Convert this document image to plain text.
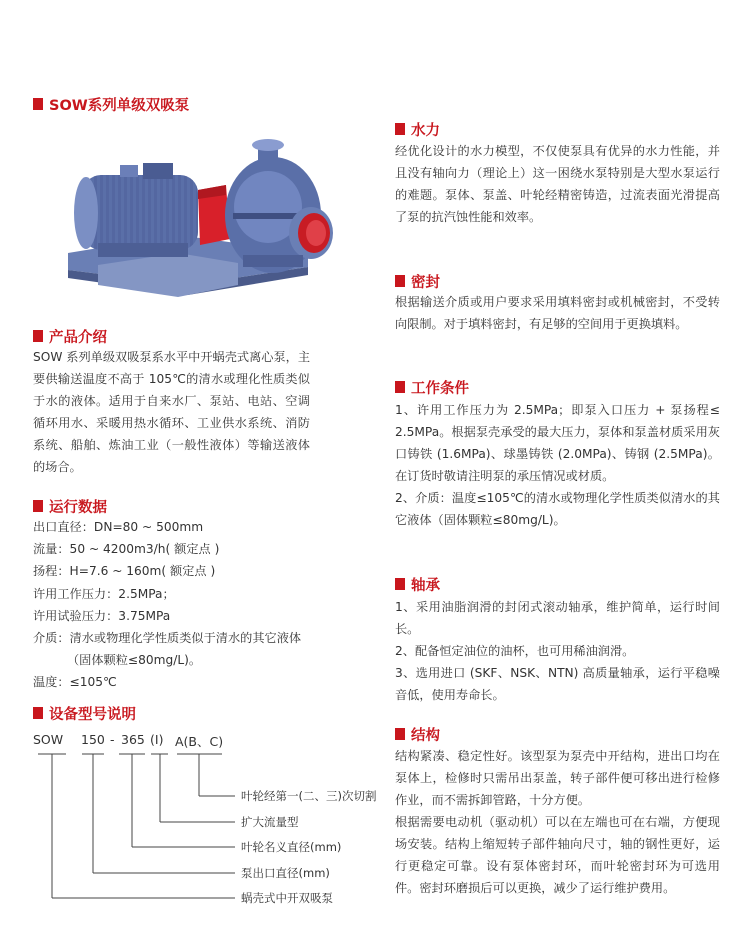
SOW系列单级双吸泵
产品介绍
SOW 系列单级双吸泵系水平中开蜗壳式离心泵，主要供输送温度不高于 105℃的清水或理化性质类似于水的液体。适用于自来水厂、泵站、电站、空调循环用水、采暖用热水循环、工业供水系统、消防系统、船舶、炼油工业（一般性液体）等输送液体的场合。
运行数据
出口直径：DN=80 ~ 500mm
流量：50 ~ 4200m3/h( 额定点 )
扬程：H=7.6 ~ 160m( 额定点 )
许用工作压力：2.5MPa；
许用试验压力：3.75MPa
介质：清水或物理化学性质类似于清水的其它液体
（固体颗粒≤80mg/L)。
温度：≤105℃
设备型号说明
SOW 150 - 365 (I) A(B、C)
叶轮经第一(二、三)次切割
扩大流量型
叶轮名义直径(mm)
泵出口直径(mm)
蜗壳式中开双吸泵
水力
经优化设计的水力模型，不仅使泵具有优异的水力性能，并且没有轴向力（理论上）这一困绕水泵特别是大型水泵运行的难题。泵体、泵盖、叶轮经精密铸造，过流表面光滑提高了泵的抗汽蚀性能和效率。
密封
根据输送介质或用户要求采用填料密封或机械密封，不受转向限制。对于填料密封，有足够的空间用于更换填料。
工作条件

1、许用工作压力为 2.5MPa；即泵入口压力 + 泵扬程≤ 2.5MPa。根据泵壳承受的最大压力，泵体和泵盖材质采用灰口铸铁 (1.6MPa)、球墨铸铁 (2.0MPa)、铸钢 (2.5MPa)。在订货时敬请注明泵的承压情况或材质。

2、介质：温度≤105℃的清水或物理化学性质类似清水的其它液体（固体颗粒≤80mg/L)。

轴承

1、采用油脂润滑的封闭式滚动轴承，维护简单，运行时间长。

2、配备恒定油位的油杯，也可用稀油润滑。

3、选用进口 (SKF、NSK、NTN) 高质量轴承，运行平稳噪音低，使用寿命长。

结构

结构紧凑、稳定性好。该型泵为泵壳中开结构，进出口均在泵体上，检修时只需吊出泵盖，转子部件便可移出进行检修作业，而不需拆卸管路，十分方便。

根据需要电动机（驱动机）可以在左端也可在右端，方便现场安装。结构上缩短转子部件轴向尺寸，轴的钢性更好，运行更稳定可靠。设有泵体密封环，而叶轮密封环为可选用件。密封环磨损后可以更换，减少了运行维护费用。
